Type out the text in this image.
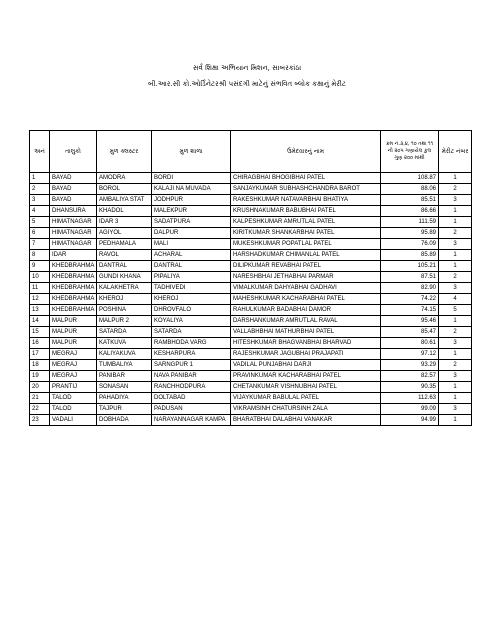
સર્વ શિક્ષા અભિયાન મિશન, સાબરકાંઠા
બી.આર.સી કો.ઓર્ડિનેટરશ્રી પસંદગી માટેનું સંભવિત બ્લોક કક્ષાનું મેરીટ
અનં	તાલુકો	મુળ ક્લસ્ટર	મુળ શાળા	ઉમેદવારનું નામ	ક્રમ નં.૩,૪, ૧૦ તથા ૧૧ ની ૨૦૫ ગણાયેલ કુલ ગુણ ૨૦૦ માંથી	મેરીટ નંબર
1	BAYAD	AMODRA	BORDI	CHIRAGBHAI BHOGIBHAI PATEL	108.87	1
2	BAYAD	BOROL	KALAJI NA MUVADA	SANJAYKUMAR SUBHASHCHANDRA BAROT	88.06	2
3	BAYAD	AMBALIYA STAT	JODHPUR	RAKESHKUMAR NATAVARBHAI BHATIYA	85.51	3
4	DHANSURA	KHADOL	MALEKPUR	KRUSHNAKUMAR BABUBHAI PATEL	86.66	1
5	HIMATNAGAR	IDAR 3	SADATPURA	KALPESHKUMAR AMRUTLAL PATEL	111.59	1
6	HIMATNAGAR	AGIYOL	DALPUR	KIRITKUMAR SHANKARBHAI PATEL	95.89	2
7	HIMATNAGAR	PEDHAMALA	MALI	MUKESHKUMAR POPATLAL PATEL	76.09	3
8	IDAR	RAVOL	ACHARAL	HARSHADKUMAR CHIMANLAL PATEL	85.89	1
9	KHEDBRAHMA	DANTRAL	DANTRAL	DILIPKUMAR REVABHAI PATEL	105.21	1
10	KHEDBRAHMA	GUNDI KHANA	PIPALIYA	NARESHBHAI JETHABHAI PARMAR	87.51	2
11	KHEDBRAHMA	KALAKHETRA	TADHIVEDI	VIMALKUMAR DAHYABHAI GADHAVI	82.90	3
12	KHEDBRAHMA	KHEROJ	KHEROJ	MAHESHKUMAR KACHARABHAI PATEL	74.22	4
13	KHEDBRAHMA	POSHINA	DHROVFALO	RAHULKUMAR BADABHAI DAMOR	74.15	5
14	MALPUR	MALPUR 2	KOYALIYA	DARSHANKUMAR AMRUTLAL RAVAL	95.46	1
15	MALPUR	SATARDA	SATARDA	VALLABHBHAI MATHURBHAI PATEL	85.47	2
16	MALPUR	KATKUVA	RAMBHODA VARG	HITESHKUMAR BHAGVANBHAI BHARVAD	80.61	3
17	MEGRAJ	KALIYAKUVA	KESHARPURA	RAJESHKUMAR JAGUBHAI PRAJAPATI	97.12	1
18	MEGRAJ	TUMBALIYA	SARNGPUR 1	VADILAL PUNJABHAI DARJI	93.29	2
19	MEGRAJ	PANIBAR	NAVA PANIBAR	PRAVINKUMAR KACHARABHAI PATEL	82.57	3
20	PRANTIJ	SONASAN	RANCHHODPURA	CHETANKUMAR VISHNUBHAI PATEL	90.35	1
21	TALOD	PAHADIYA	DOLTABAD	VIJAYKUMAR BABULAL PATEL	112.63	1
22	TALOD	TAJPUR	PADUSAN	VIKRAMSINH CHATURSINH ZALA	99.09	3
23	VADALI	DOBHADA	NARAYANNAGAR KAMPA	BHARATBHAI DALABHAI VANAKAR	94.99	1
